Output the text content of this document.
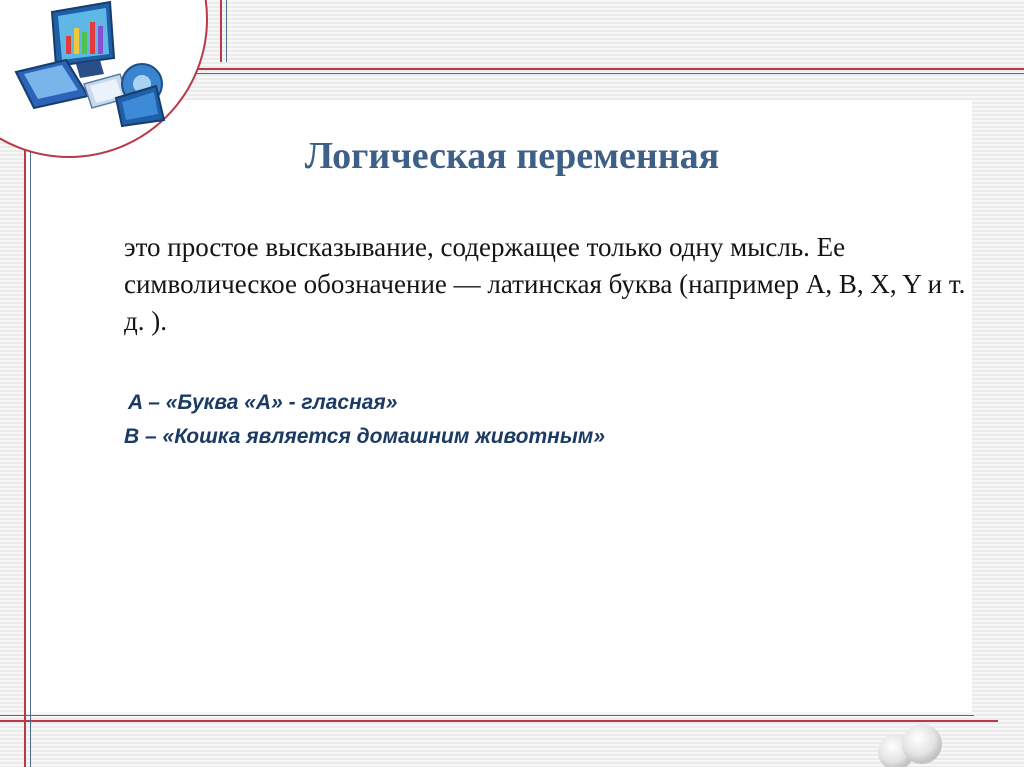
Логическая переменная

это простое высказывание, содержащее только одну мысль. Ее символическое обозначение — латинская буква (например A, B, X, Y и т. д. ).

A – «Буква «А» - гласная»
B – «Кошка является домашним животным»
